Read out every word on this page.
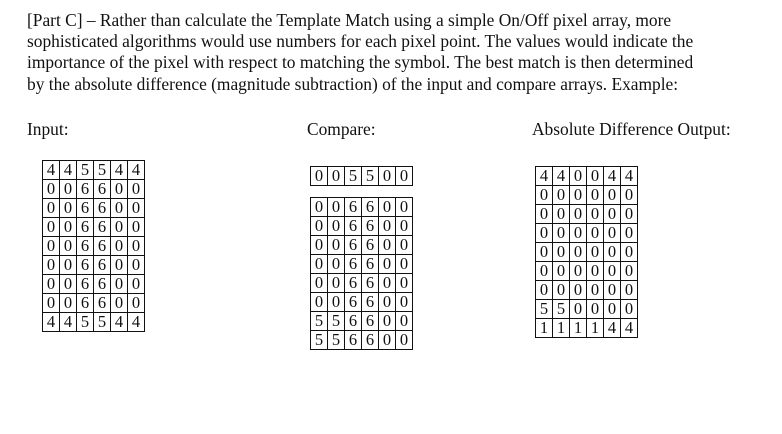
[Part C] – Rather than calculate the Template Match using a simple On/Off pixel array, more
sophisticated algorithms would use numbers for each pixel point. The values would indicate the
importance of the pixel with respect to matching the symbol. The best match is then determined
by the absolute difference (magnitude subtraction) of the input and compare arrays. Example:
Input:	Compare:	Absolute Difference Output:
4	4	5	5	4	4
0	0	6	6	0	0
0	0	6	6	0	0
0	0	6	6	0	0
0	0	6	6	0	0
0	0	6	6	0	0
0	0	6	6	0	0
0	0	6	6	0	0
4	4	5	5	4	4
0	0	5	5	0	0

0	0	6	6	0	0
0	0	6	6	0	0
0	0	6	6	0	0
0	0	6	6	0	0
0	0	6	6	0	0
0	0	6	6	0	0
5	5	6	6	0	0
5	5	6	6	0	0
4	4	0	0	4	4
0	0	0	0	0	0
0	0	0	0	0	0
0	0	0	0	0	0
0	0	0	0	0	0
0	0	0	0	0	0
0	0	0	0	0	0
5	5	0	0	0	0
1	1	1	1	4	4
